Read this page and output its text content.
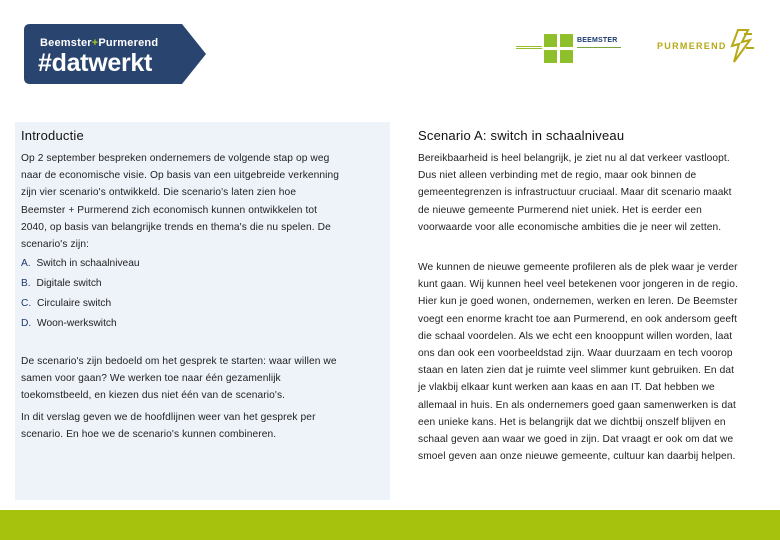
Beemster+Purmerend
#datwerkt
BEEMSTER
PURMEREND
Introductie

Op 2 september bespreken ondernemers de volgende stap op weg

naar de economische visie. Op basis van een uitgebreide verkenning

zijn vier scenario's ontwikkeld. Die scenario's laten zien hoe

Beemster + Purmerend zich economisch kunnen ontwikkelen tot

2040, op basis van belangrijke trends en thema's die nu spelen. De

scenario's zijn:

A. Switch in schaalniveau
B. Digitale switch
C. Circulaire switch
D. Woon-werkswitch

De scenario's zijn bedoeld om het gesprek te starten: waar willen we

samen voor gaan? We werken toe naar één gezamenlijk

toekomstbeeld, en kiezen dus niet één van de scenario's.

In dit verslag geven we de hoofdlijnen weer van het gesprek per

scenario. En hoe we de scenario's kunnen combineren.

Scenario A: switch in schaalniveau

Bereikbaarheid is heel belangrijk, je ziet nu al dat verkeer vastloopt.

Dus niet alleen verbinding met de regio, maar ook binnen de

gemeentegrenzen is infrastructuur cruciaal. Maar dit scenario maakt

de nieuwe gemeente Purmerend niet uniek. Het is eerder een

voorwaarde voor alle economische ambities die je neer wil zetten.

We kunnen de nieuwe gemeente profileren als de plek waar je verder

kunt gaan. Wij kunnen heel veel betekenen voor jongeren in de regio.

Hier kun je goed wonen, ondernemen, werken en leren. De Beemster

voegt een enorme kracht toe aan Purmerend, en ook andersom geeft

die schaal voordelen. Als we echt een knooppunt willen worden, laat

ons dan ook een voorbeeldstad zijn. Waar duurzaam en tech voorop

staan en laten zien dat je ruimte veel slimmer kunt gebruiken. En dat

je vlakbij elkaar kunt werken aan kaas en aan IT. Dat hebben we

allemaal in huis. En als ondernemers goed gaan samenwerken is dat

een unieke kans. Het is belangrijk dat we dichtbij onszelf blijven en

schaal geven aan waar we goed in zijn. Dat vraagt er ook om dat we

smoel geven aan onze nieuwe gemeente, cultuur kan daarbij helpen.
